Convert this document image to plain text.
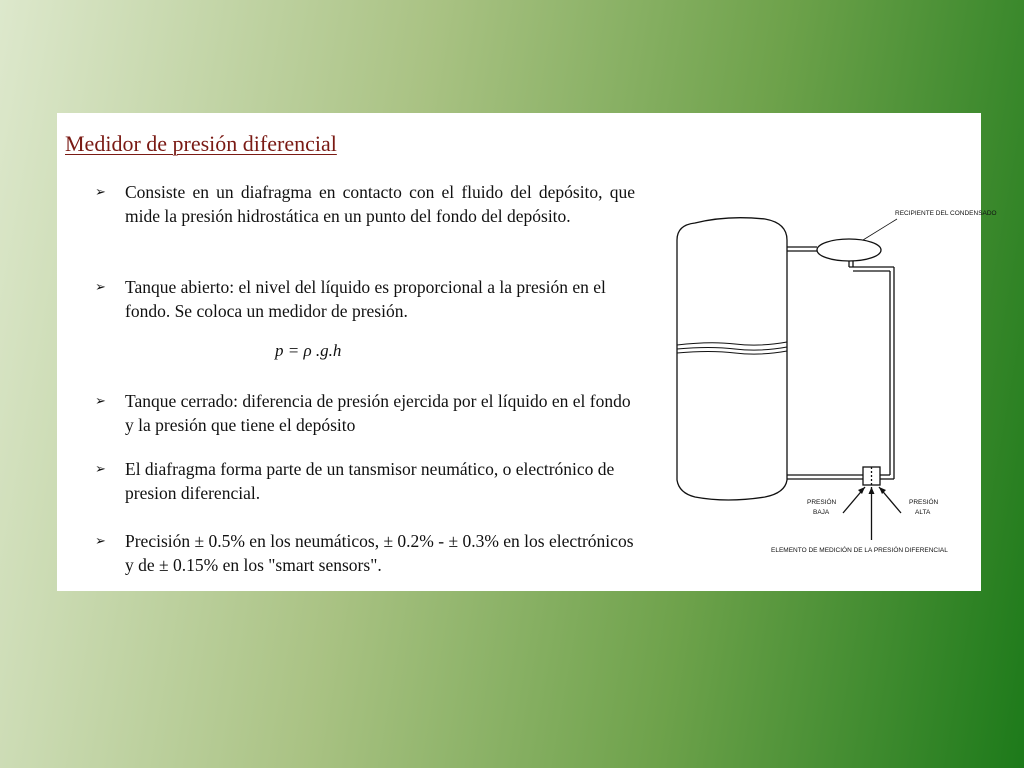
Medidor de presión diferencial
➢ Consiste en un diafragma en contacto con el fluido del depósito, que mide la presión hidrostática en un punto del fondo del depósito.
➢ Tanque abierto: el nivel del líquido es proporcional a la presión en el fondo. Se coloca un medidor de presión.
p = ρ .g.h
➢ Tanque cerrado: diferencia de presión ejercida por el líquido en el fondo y la presión que tiene el depósito
➢ El diafragma forma parte de un tansmisor neumático, o electrónico de presion diferencial.
➢ Precisión ± 0.5% en los neumáticos, ± 0.2% - ± 0.3% en los electrónicos y de ± 0.15% en los "smart sensors".
RECIPIENTE DEL CONDENSADO
PRESIÓN
BAJA
PRESIÓN
ALTA
ELEMENTO DE MEDICIÓN DE LA PRESIÓN DIFERENCIAL
